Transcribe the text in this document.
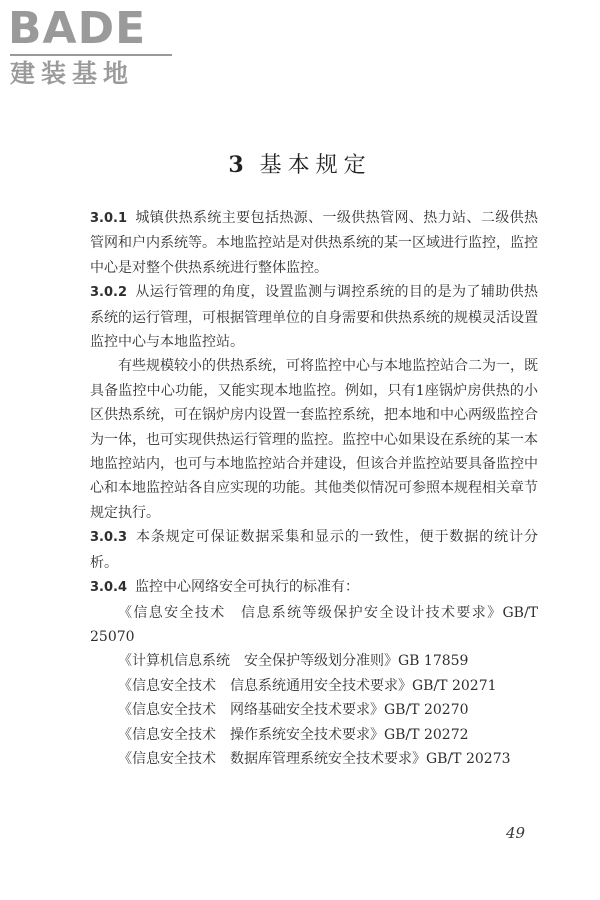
BADE
建装基地
3 基本规定

3.0.1 城镇供热系统主要包括热源、一级供热管网、热力站、二级供热管网和户内系统等。本地监控站是对供热系统的某一区域进行监控，监控中心是对整个供热系统进行整体监控。

3.0.2 从运行管理的角度，设置监测与调控系统的目的是为了辅助供热系统的运行管理，可根据管理单位的自身需要和供热系统的规模灵活设置监控中心与本地监控站。

有些规模较小的供热系统，可将监控中心与本地监控站合二为一，既具备监控中心功能，又能实现本地监控。例如，只有1座锅炉房供热的小区供热系统，可在锅炉房内设置一套监控系统，把本地和中心两级监控合为一体，也可实现供热运行管理的监控。监控中心如果设在系统的某一本地监控站内，也可与本地监控站合并建设，但该合并监控站要具备监控中心和本地监控站各自应实现的功能。其他类似情况可参照本规程相关章节规定执行。

3.0.3 本条规定可保证数据采集和显示的一致性，便于数据的统计分析。

3.0.4 监控中心网络安全可执行的标准有：

《信息安全技术　信息系统等级保护安全设计技术要求》GB/T 25070

《计算机信息系统　安全保护等级划分准则》GB 17859

《信息安全技术　信息系统通用安全技术要求》GB/T 20271

《信息安全技术　网络基础安全技术要求》GB/T 20270

《信息安全技术　操作系统安全技术要求》GB/T 20272

《信息安全技术　数据库管理系统安全技术要求》GB/T 20273

49
